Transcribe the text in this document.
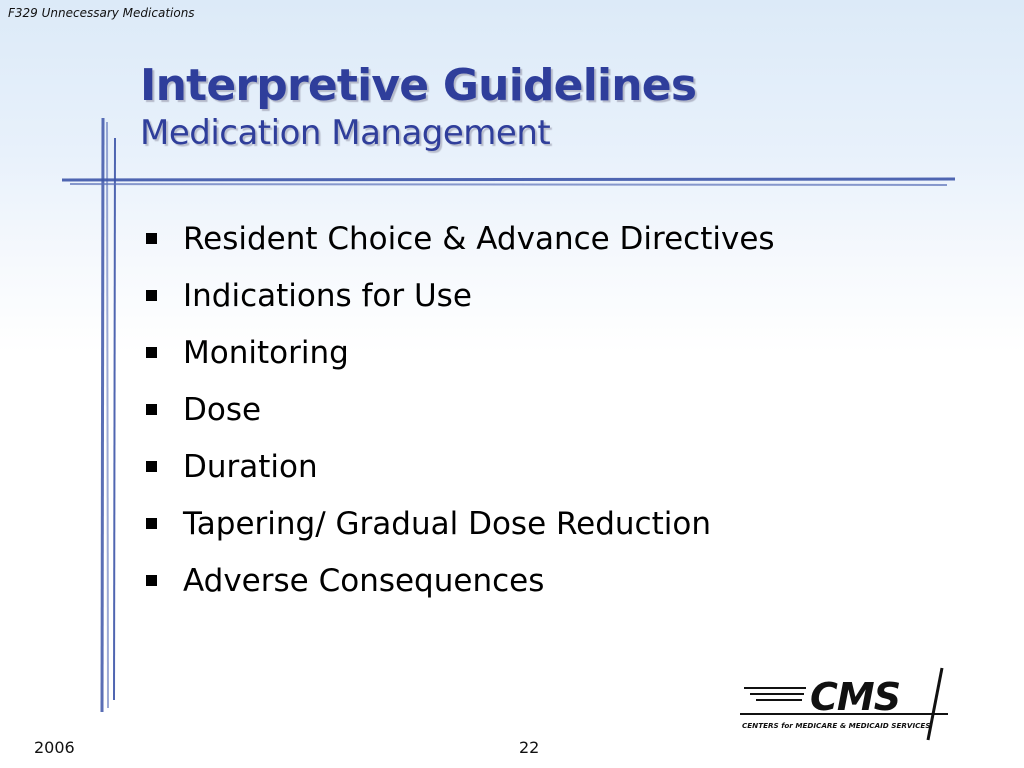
F329 Unnecessary Medications
Interpretive Guidelines
Medication Management
Resident Choice & Advance Directives
Indications for Use
Monitoring
Dose
Duration
Tapering/ Gradual Dose Reduction
Adverse Consequences
CMS
CENTERS for MEDICARE & MEDICAID SERVICES
2006	22
